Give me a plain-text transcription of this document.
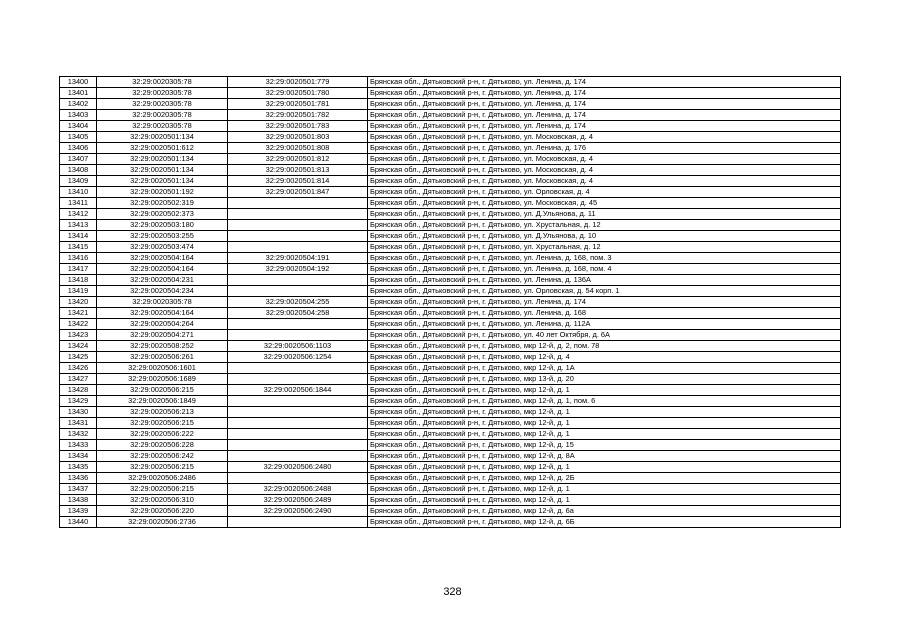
13400	32:29:0020305:78	32:29:0020501:779	Брянская обл., Дятьковский р-н, г. Дятьково, ул. Ленина, д. 174
13401	32:29:0020305:78	32:29:0020501:780	Брянская обл., Дятьковский р-н, г. Дятьково, ул. Ленина, д. 174
13402	32:29:0020305:78	32:29:0020501:781	Брянская обл., Дятьковский р-н, г. Дятьково, ул. Ленина, д. 174
13403	32:29:0020305:78	32:29:0020501:782	Брянская обл., Дятьковский р-н, г. Дятьково, ул. Ленина, д. 174
13404	32:29:0020305:78	32:29:0020501:783	Брянская обл., Дятьковский р-н, г. Дятьково, ул. Ленина, д. 174
13405	32:29:0020501:134	32:29:0020501:803	Брянская обл., Дятьковский р-н, г. Дятьково, ул. Московская, д. 4
13406	32:29:0020501:612	32:29:0020501:808	Брянская обл., Дятьковский р-н, г. Дятьково, ул. Ленина, д. 176
13407	32:29:0020501:134	32:29:0020501:812	Брянская обл., Дятьковский р-н, г. Дятьково, ул. Московская, д. 4
13408	32:29:0020501:134	32:29:0020501:813	Брянская обл., Дятьковский р-н, г. Дятьково, ул. Московская, д. 4
13409	32:29:0020501:134	32:29:0020501:814	Брянская обл., Дятьковский р-н, г. Дятьково, ул. Московская, д. 4
13410	32:29:0020501:192	32:29:0020501:847	Брянская обл., Дятьковский р-н, г. Дятьково, ул. Орловская, д. 4
13411	32:29:0020502:319		Брянская обл., Дятьковский р-н, г. Дятьково, ул. Московская, д. 45
13412	32:29:0020502:373		Брянская обл., Дятьковский р-н, г. Дятьково, ул. Д.Ульянова, д. 11
13413	32:29:0020503:180		Брянская обл., Дятьковский р-н, г. Дятьково, ул. Хрустальная, д. 12
13414	32:29:0020503:255		Брянская обл., Дятьковский р-н, г. Дятьково, ул. Д.Ульянова, д. 10
13415	32:29:0020503:474		Брянская обл., Дятьковский р-н, г. Дятьково, ул. Хрустальная, д. 12
13416	32:29:0020504:164	32:29:0020504:191	Брянская обл., Дятьковский р-н, г. Дятьково, ул. Ленина, д. 168, пом. 3
13417	32:29:0020504:164	32:29:0020504:192	Брянская обл., Дятьковский р-н, г. Дятьково, ул. Ленина, д. 168, пом. 4
13418	32:29:0020504:231		Брянская обл., Дятьковский р-н, г. Дятьково, ул. Ленина, д. 136А
13419	32:29:0020504:234		Брянская обл., Дятьковский р-н, г. Дятьково, ул. Орловская, д. 54 корп. 1
13420	32:29:0020305:78	32:29:0020504:255	Брянская обл., Дятьковский р-н, г. Дятьково, ул. Ленина, д. 174
13421	32:29:0020504:164	32:29:0020504:258	Брянская обл., Дятьковский р-н, г. Дятьково, ул. Ленина, д. 168
13422	32:29:0020504:264		Брянская обл., Дятьковский р-н, г. Дятьково, ул. Ленина, д. 112А
13423	32:29:0020504:271		Брянская обл., Дятьковский р-н, г. Дятьково, ул. 40 лет Октября, д. 6А
13424	32:29:0020508:252	32:29:0020506:1103	Брянская обл., Дятьковский р-н, г. Дятьково, мкр 12-й, д. 2, пом. 78
13425	32:29:0020506:261	32:29:0020506:1254	Брянская обл., Дятьковский р-н, г. Дятьково, мкр 12-й, д. 4
13426	32:29:0020506:1601		Брянская обл., Дятьковский р-н, г. Дятьково, мкр 12-й, д. 1А
13427	32:29:0020506:1689		Брянская обл., Дятьковский р-н, г. Дятьково, мкр 13-й, д. 20
13428	32:29:0020506:215	32:29:0020506:1844	Брянская обл., Дятьковский р-н, г. Дятьково, мкр 12-й, д. 1
13429	32:29:0020506:1849		Брянская обл., Дятьковский р-н, г. Дятьково, мкр 12-й, д. 1, пом. 6
13430	32:29:0020506:213		Брянская обл., Дятьковский р-н, г. Дятьково, мкр 12-й, д. 1
13431	32:29:0020506:215		Брянская обл., Дятьковский р-н, г. Дятьково, мкр 12-й, д. 1
13432	32:29:0020506:222		Брянская обл., Дятьковский р-н, г. Дятьково, мкр 12-й, д. 1
13433	32:29:0020506:228		Брянская обл., Дятьковский р-н, г. Дятьково, мкр 12-й, д. 15
13434	32:29:0020506:242		Брянская обл., Дятьковский р-н, г. Дятьково, мкр 12-й, д. 8А
13435	32:29:0020506:215	32:29:0020506:2480	Брянская обл., Дятьковский р-н, г. Дятьково, мкр 12-й, д. 1
13436	32:29:0020506:2486		Брянская обл., Дятьковский р-н, г. Дятьково, мкр 12-й, д. 2Б
13437	32:29:0020506:215	32:29:0020506:2488	Брянская обл., Дятьковский р-н, г. Дятьково, мкр 12-й, д. 1
13438	32:29:0020506:310	32:29:0020506:2489	Брянская обл., Дятьковский р-н, г. Дятьково, мкр 12-й, д. 1
13439	32:29:0020506:220	32:29:0020506:2490	Брянская обл., Дятьковский р-н, г. Дятьково, мкр 12-й, д. 6а
13440	32:29:0020506:2736		Брянская обл., Дятьковский р-н, г. Дятьково, мкр 12-й, д. 6Б
328
